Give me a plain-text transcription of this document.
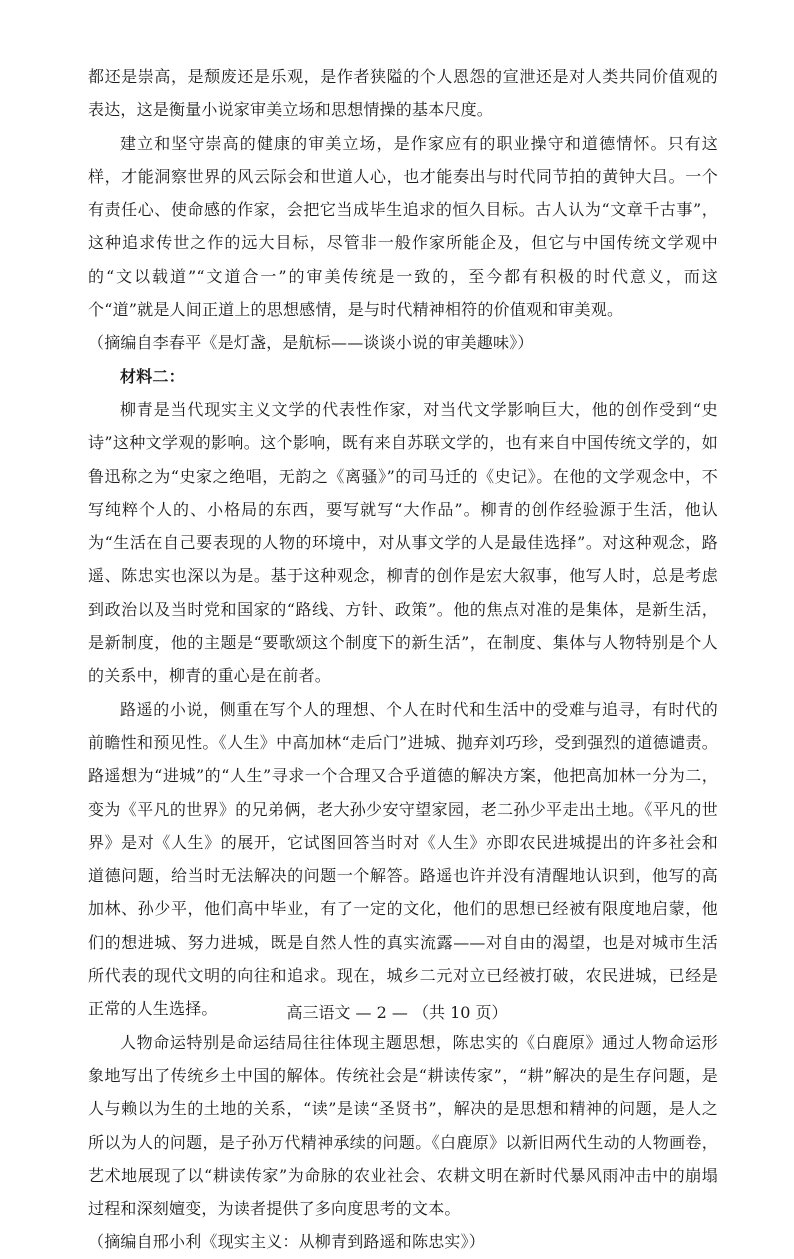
都还是崇高，是颓废还是乐观，是作者狭隘的个人恩怨的宣泄还是对人类共同价值观的表达，这是衡量小说家审美立场和思想情操的基本尺度。

建立和坚守崇高的健康的审美立场，是作家应有的职业操守和道德情怀。只有这样，才能洞察世界的风云际会和世道人心，也才能奏出与时代同节拍的黄钟大吕。一个有责任心、使命感的作家，会把它当成毕生追求的恒久目标。古人认为“文章千古事”，这种追求传世之作的远大目标，尽管非一般作家所能企及，但它与中国传统文学观中的“文以载道”“文道合一”的审美传统是一致的，至今都有积极的时代意义，而这个“道”就是人间正道上的思想感情，是与时代精神相符的价值观和审美观。

（摘编自李春平《是灯盏，是航标——谈谈小说的审美趣味》）

材料二：

柳青是当代现实主义文学的代表性作家，对当代文学影响巨大，他的创作受到“史诗”这种文学观的影响。这个影响，既有来自苏联文学的，也有来自中国传统文学的，如鲁迅称之为“史家之绝唱，无韵之《离骚》”的司马迁的《史记》。在他的文学观念中，不写纯粹个人的、小格局的东西，要写就写“大作品”。柳青的创作经验源于生活，他认为“生活在自己要表现的人物的环境中，对从事文学的人是最佳选择”。对这种观念，路遥、陈忠实也深以为是。基于这种观念，柳青的创作是宏大叙事，他写人时，总是考虑到政治以及当时党和国家的“路线、方针、政策”。他的焦点对准的是集体，是新生活，是新制度，他的主题是“要歌颂这个制度下的新生活”，在制度、集体与人物特别是个人的关系中，柳青的重心是在前者。

路遥的小说，侧重在写个人的理想、个人在时代和生活中的受难与追寻，有时代的前瞻性和预见性。《人生》中高加林“走后门”进城、抛弃刘巧珍，受到强烈的道德谴责。路遥想为“进城”的“人生”寻求一个合理又合乎道德的解决方案，他把高加林一分为二，变为《平凡的世界》的兄弟俩，老大孙少安守望家园，老二孙少平走出土地。《平凡的世界》是对《人生》的展开，它试图回答当时对《人生》亦即农民进城提出的许多社会和道德问题，给当时无法解决的问题一个解答。路遥也许并没有清醒地认识到，他写的高加林、孙少平，他们高中毕业，有了一定的文化，他们的思想已经被有限度地启蒙，他们的想进城、努力进城，既是自然人性的真实流露——对自由的渴望，也是对城市生活所代表的现代文明的向往和追求。现在，城乡二元对立已经被打破，农民进城，已经是正常的人生选择。

人物命运特别是命运结局往往体现主题思想，陈忠实的《白鹿原》通过人物命运形象地写出了传统乡土中国的解体。传统社会是“耕读传家”，“耕”解决的是生存问题，是人与赖以为生的土地的关系，“读”是读“圣贤书”，解决的是思想和精神的问题，是人之所以为人的问题，是子孙万代精神承续的问题。《白鹿原》以新旧两代生动的人物画卷，艺术地展现了以“耕读传家”为命脉的农业社会、农耕文明在新时代暴风雨冲击中的崩塌过程和深刻嬗变，为读者提供了多向度思考的文本。

（摘编自邢小利《现实主义：从柳青到路遥和陈忠实》）

高三语文 — 2 — （共 10 页）
